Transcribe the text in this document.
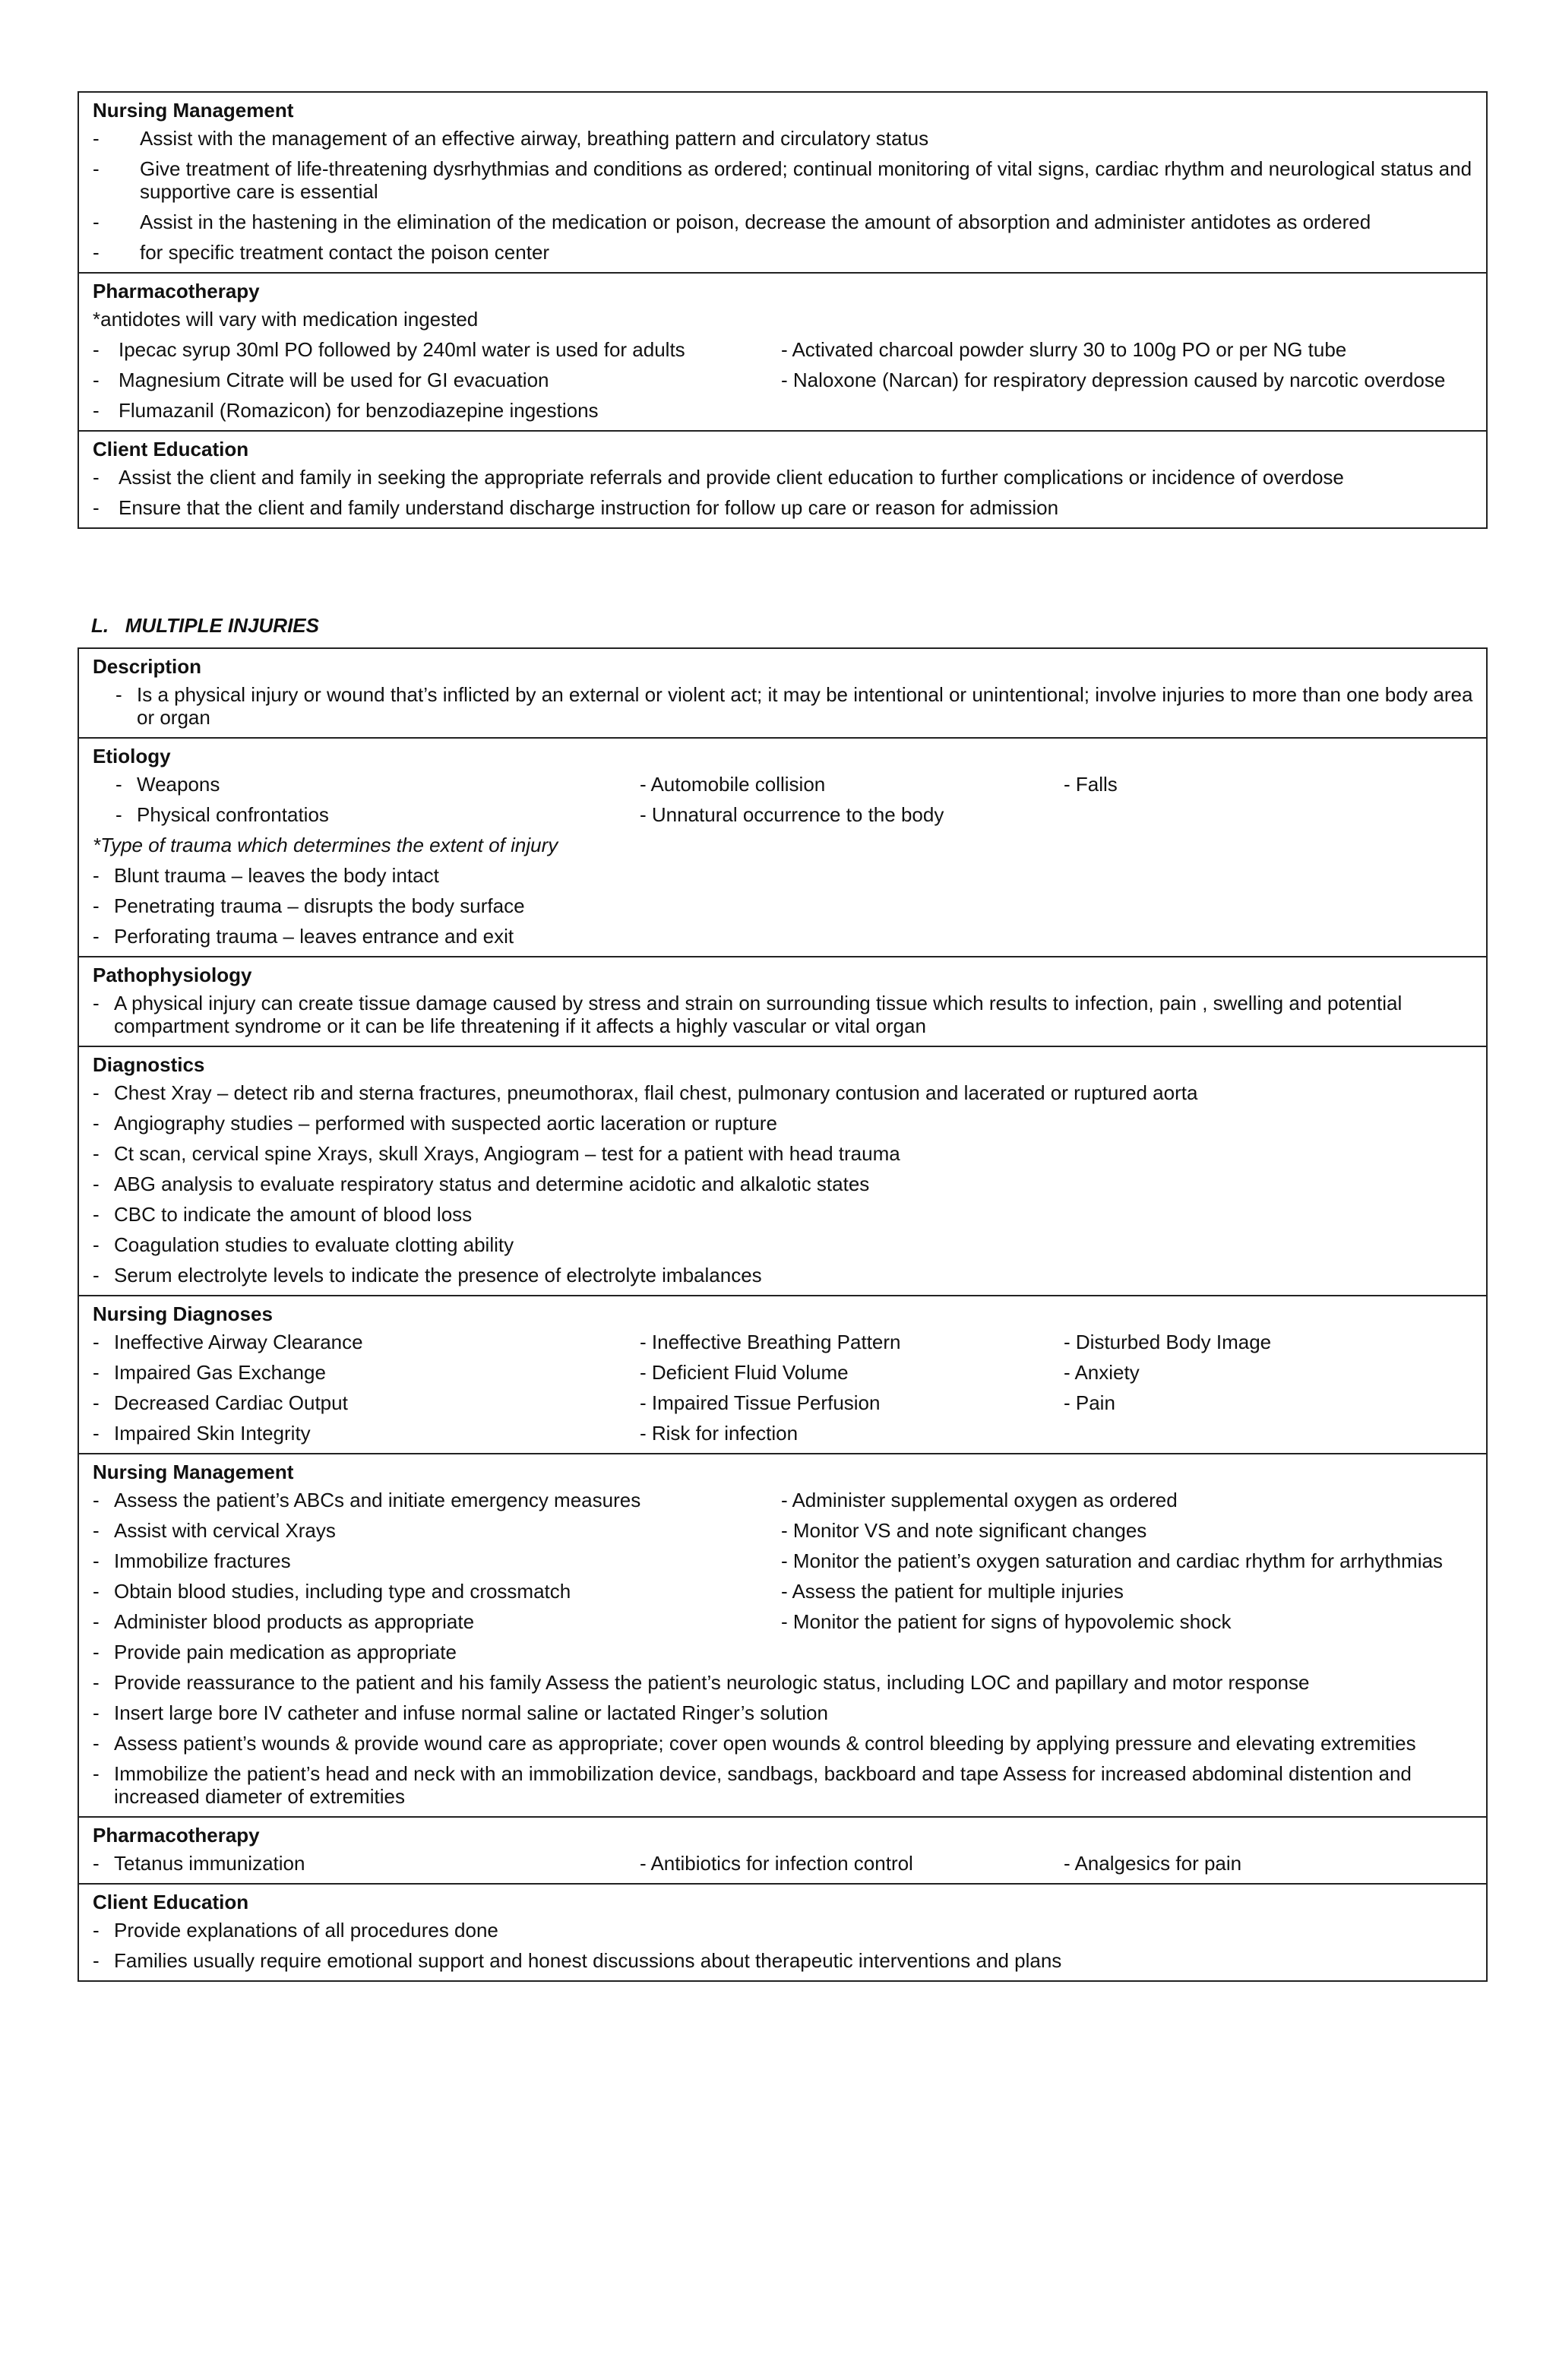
Nursing Management
-	Assist with the management of an effective airway, breathing pattern and circulatory status
-	Give treatment of life-threatening dysrhythmias and conditions as ordered; continual monitoring of vital signs, cardiac rhythm and neurological status and supportive care is essential
-	Assist in the hastening in the elimination of the medication or poison, decrease the amount of absorption and administer antidotes as ordered
-	for specific treatment contact the poison center
Pharmacotherapy
*antidotes will vary with medication ingested
- Ipecac syrup 30ml PO followed by 240ml water is used for adults	- Activated charcoal powder slurry 30 to 100g PO or per NG tube
- Magnesium Citrate will be used for GI evacuation	- Naloxone (Narcan) for respiratory depression caused by narcotic overdose
- Flumazanil (Romazicon) for benzodiazepine ingestions
Client Education
- Assist the client and family in seeking the appropriate referrals and provide client education to further complications or incidence of overdose
- Ensure that the client and family understand discharge instruction for follow up care or reason for admission
L.   MULTIPLE INJURIES
Description
- Is a physical injury or wound that’s inflicted by an external or violent act; it may be intentional or unintentional; involve injuries to more than one body area or organ
Etiology
- Weapons	- Automobile collision	- Falls
- Physical confrontatios	- Unnatural occurrence to the body
*Type of trauma which determines the extent of injury
- Blunt trauma – leaves the body intact
- Penetrating trauma – disrupts the body surface
- Perforating trauma – leaves entrance and exit
Pathophysiology
- A physical injury can create tissue damage caused by stress and strain on surrounding tissue which results to infection, pain , swelling and potential compartment syndrome or it can be life threatening if it affects a highly vascular or vital organ
Diagnostics
- Chest Xray – detect rib and sterna fractures, pneumothorax, flail chest, pulmonary contusion and lacerated or ruptured aorta
- Angiography studies – performed with suspected aortic laceration or rupture
- Ct scan, cervical spine Xrays, skull Xrays, Angiogram – test for a patient with head trauma
- ABG analysis to evaluate respiratory status and determine acidotic and alkalotic states
- CBC to indicate the amount of blood loss
- Coagulation studies to evaluate clotting ability
- Serum electrolyte levels to indicate the presence of electrolyte imbalances
Nursing Diagnoses
- Ineffective Airway Clearance	- Ineffective Breathing Pattern	- Disturbed Body Image
- Impaired Gas Exchange	- Deficient Fluid Volume	- Anxiety
- Decreased Cardiac Output	- Impaired Tissue Perfusion	- Pain
- Impaired Skin Integrity	- Risk for infection
Nursing Management
- Assess the patient’s ABCs and initiate emergency measures	- Administer supplemental oxygen as ordered
- Assist with cervical Xrays	- Monitor VS and note significant changes
- Immobilize fractures	- Monitor the patient’s oxygen saturation and cardiac rhythm for arrhythmias
- Obtain blood studies, including type and crossmatch	- Assess the patient for multiple injuries
- Administer blood products as appropriate	- Monitor the patient for signs of hypovolemic shock
- Provide pain medication as appropriate
- Provide reassurance to the patient and his family Assess the patient’s neurologic status, including LOC and papillary and motor response
- Insert large bore IV catheter and infuse normal saline or lactated Ringer’s solution
- Assess patient’s wounds & provide wound care as appropriate; cover open wounds & control bleeding by applying pressure and elevating extremities
- Immobilize the patient’s head and neck with an immobilization device, sandbags, backboard and tape Assess for increased abdominal distention and increased diameter of extremities
Pharmacotherapy
- Tetanus immunization	- Antibiotics for infection control	- Analgesics for pain
Client Education
- Provide explanations of all procedures done
- Families usually require emotional support and honest discussions about therapeutic interventions and plans
